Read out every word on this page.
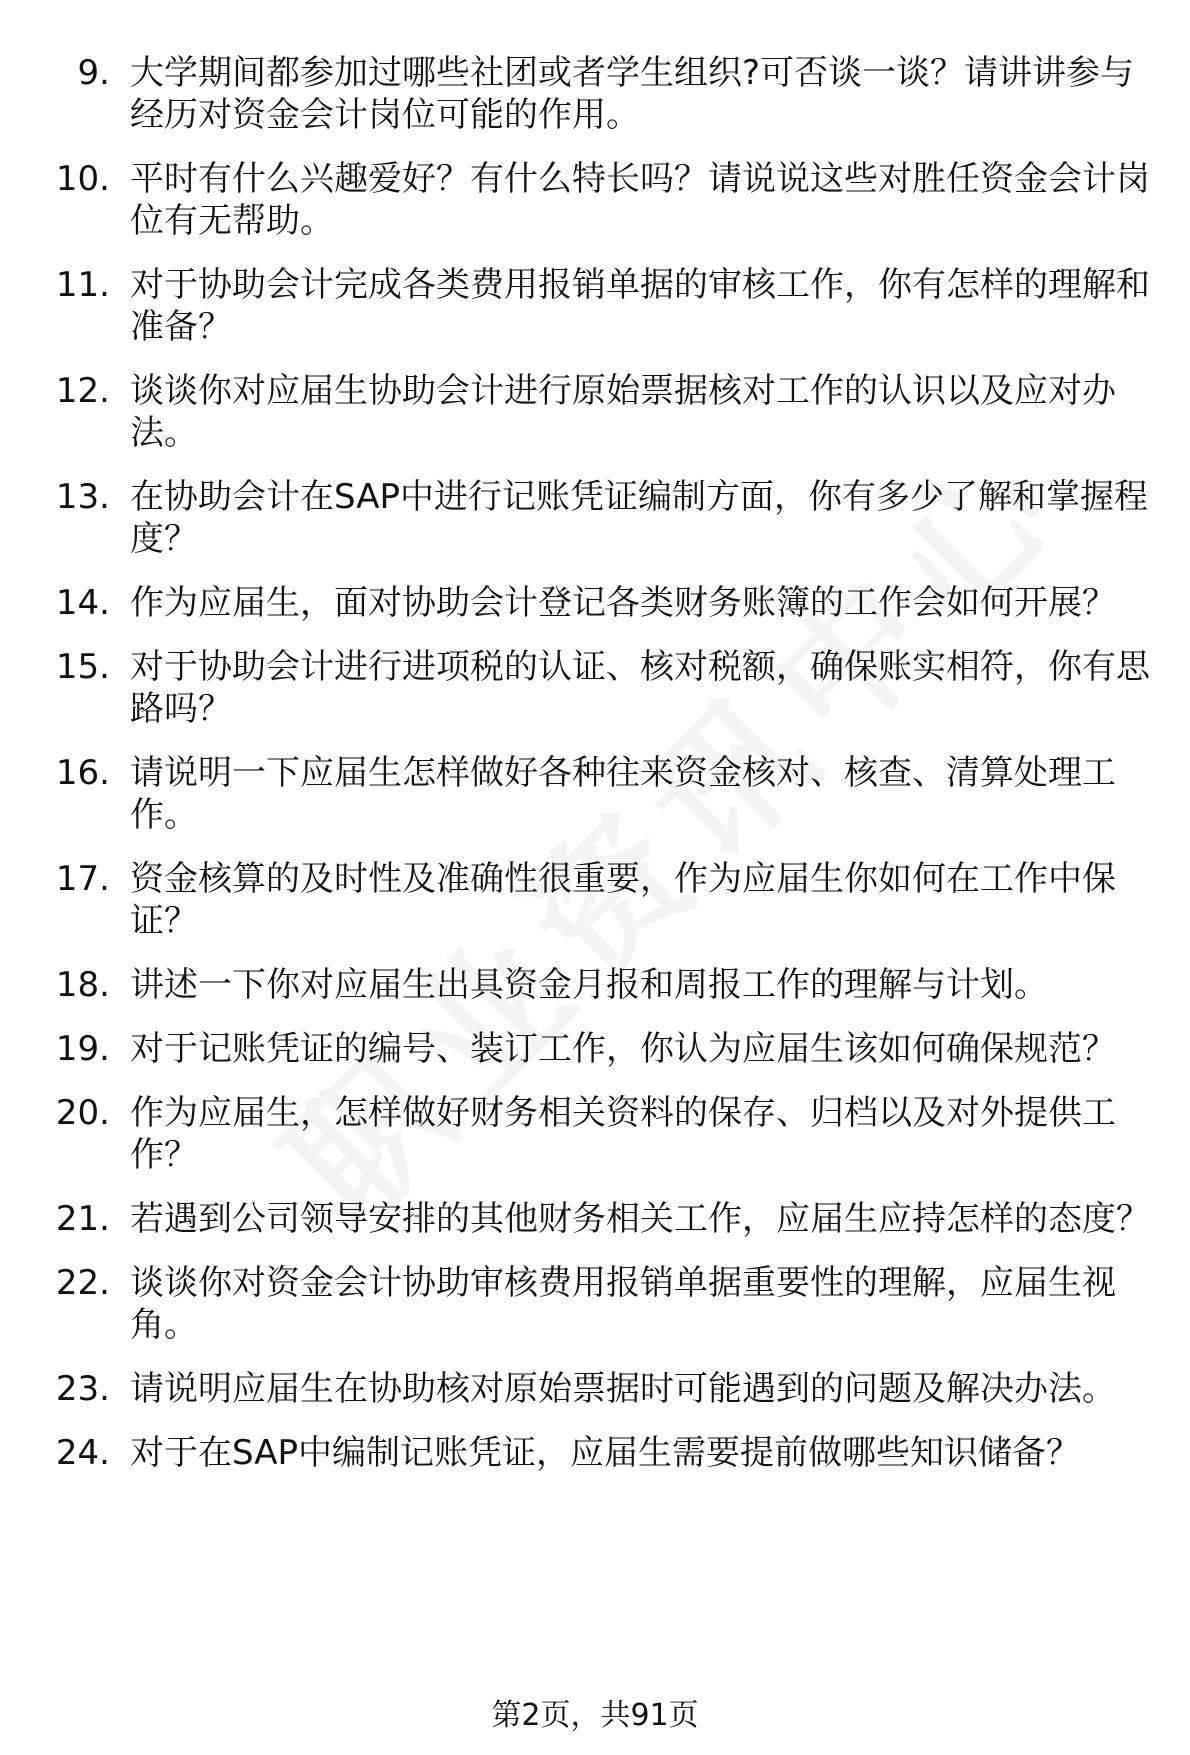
9. 大学期间都参加过哪些社团或者学生组织?可否谈一谈？请讲讲参与经历对资金会计岗位可能的作用。
10. 平时有什么兴趣爱好？有什么特长吗？请说说这些对胜任资金会计岗位有无帮助。
11. 对于协助会计完成各类费用报销单据的审核工作，你有怎样的理解和准备？
12. 谈谈你对应届生协助会计进行原始票据核对工作的认识以及应对办法。
13. 在协助会计在SAP中进行记账凭证编制方面，你有多少了解和掌握程度？
14. 作为应届生，面对协助会计登记各类财务账簿的工作会如何开展？
15. 对于协助会计进行进项税的认证、核对税额，确保账实相符，你有思路吗？
16. 请说明一下应届生怎样做好各种往来资金核对、核查、清算处理工作。
17. 资金核算的及时性及准确性很重要，作为应届生你如何在工作中保证？
18. 讲述一下你对应届生出具资金月报和周报工作的理解与计划。
19. 对于记账凭证的编号、装订工作，你认为应届生该如何确保规范？
20. 作为应届生，怎样做好财务相关资料的保存、归档以及对外提供工作？
21. 若遇到公司领导安排的其他财务相关工作，应届生应持怎样的态度？
22. 谈谈你对资金会计协助审核费用报销单据重要性的理解，应届生视角。
23. 请说明应届生在协助核对原始票据时可能遇到的问题及解决办法。
24. 对于在SAP中编制记账凭证，应届生需要提前做哪些知识储备？
第2页，共91页
